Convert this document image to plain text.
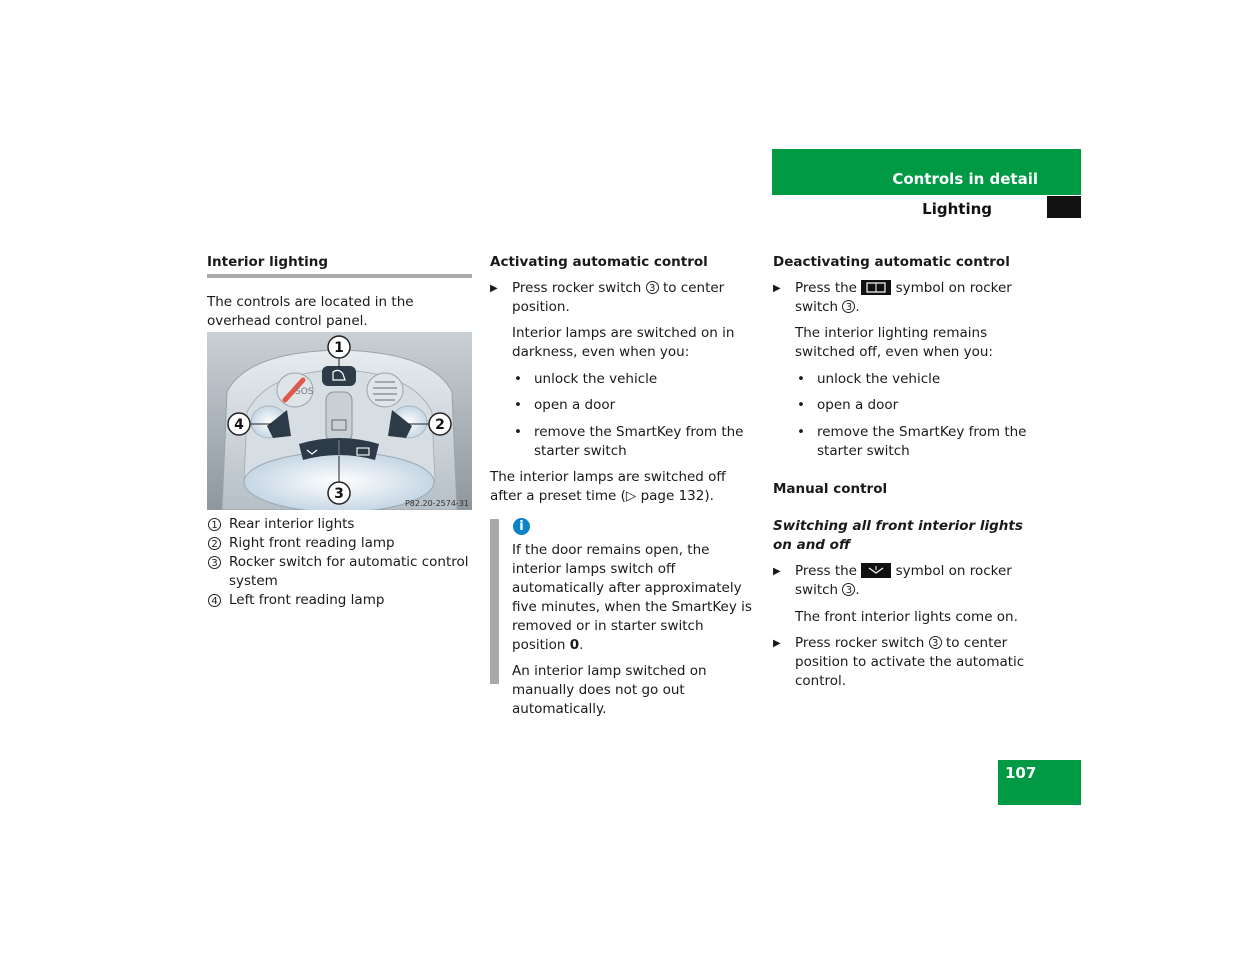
Controls in detail
Lighting
Interior lighting

The controls are located in the overhead control panel.

SOS
1
2
3
4
P82.20-2574-31
1 Rear interior lights
2 Right front reading lamp
3 Rocker switch for automatic control system
4 Left front reading lamp
Activating automatic control
▶ Press rocker switch 3 to center position.

Interior lamps are switched on in darkness, even when you:

• unlock the vehicle
• open a door
• remove the SmartKey from the starter switch

The interior lamps are switched off after a preset time (▷ page 132).

i

If the door remains open, the interior lamps switch off automatically after approximately five minutes, when the SmartKey is removed or in starter switch position 0.

An interior lamp switched on manually does not go out automatically.

Deactivating automatic control
▶ Press the	symbol on rocker switch 3 .

The interior lighting remains switched off, even when you:

• unlock the vehicle
• open a door
• remove the SmartKey from the starter switch
Manual control
Switching all front interior lights on and off
▶ Press the	symbol on rocker switch 3 .

The front interior lights come on.

▶ Press rocker switch 3 to center position to activate the automatic control.
107
